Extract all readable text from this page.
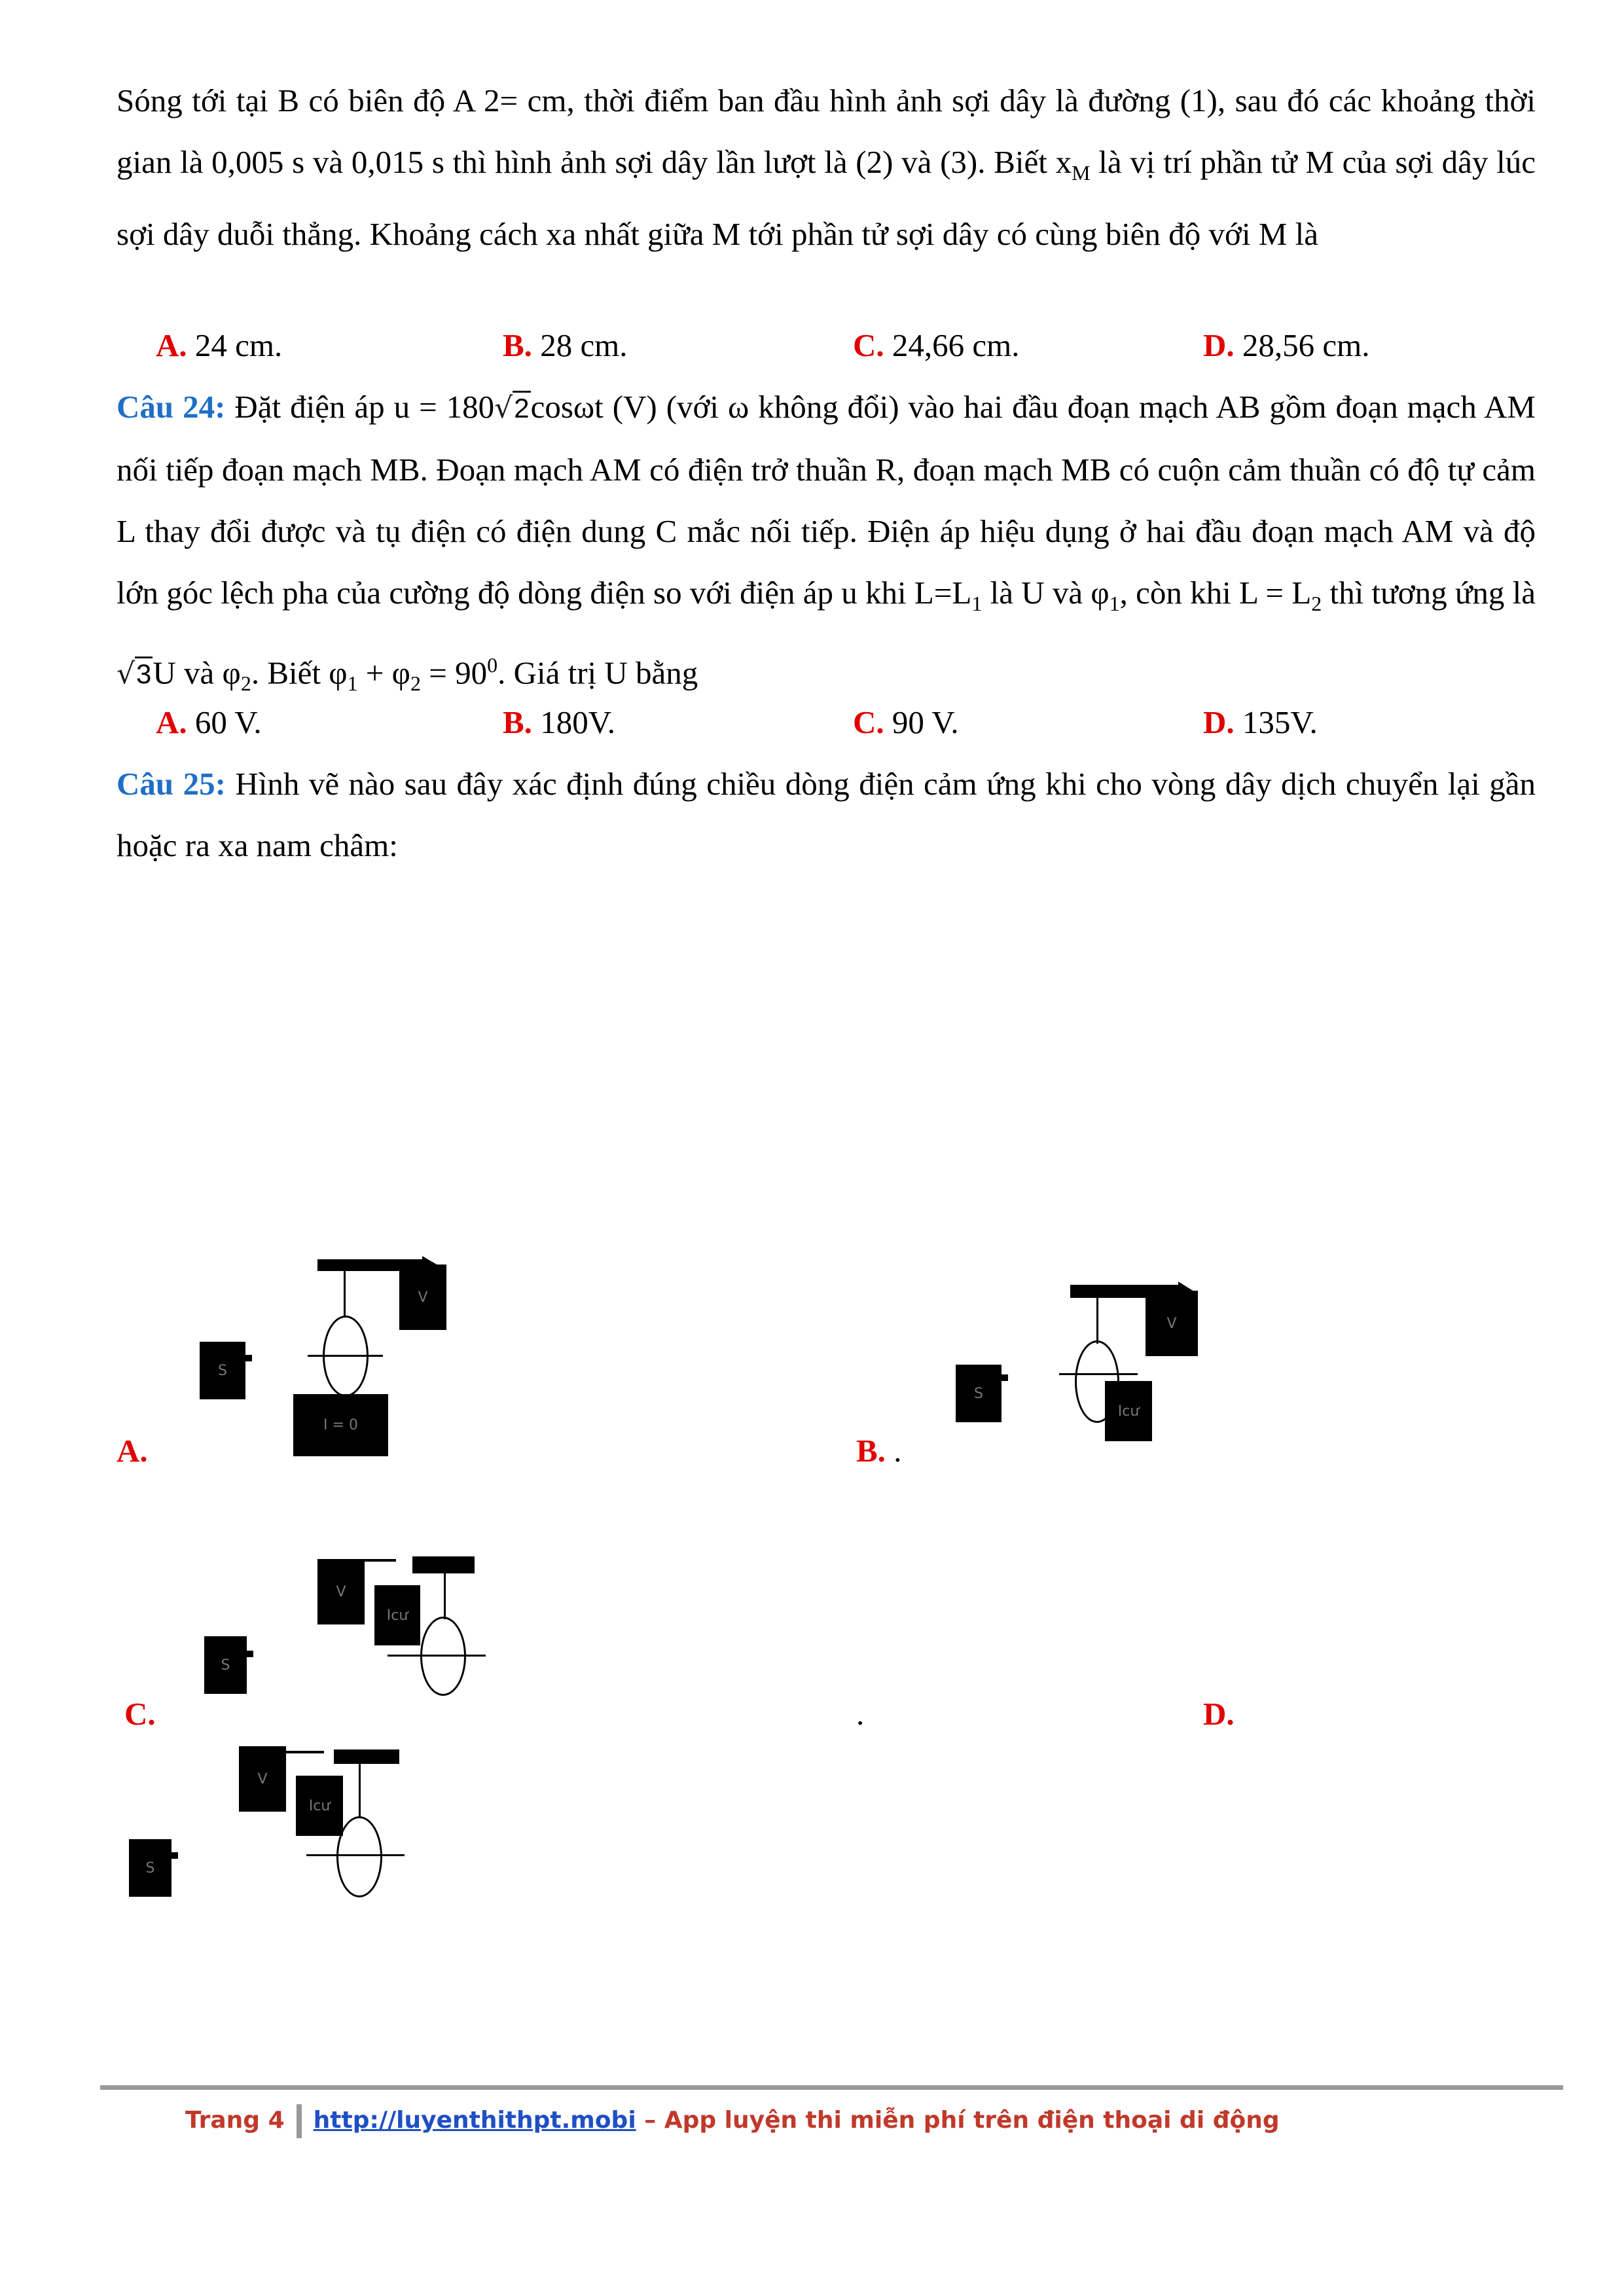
Sóng tới tại B có biên độ A 2= cm, thời điểm ban đầu hình ảnh sợi dây là đường (1), sau đó các khoảng thời gian là 0,005 s và 0,015 s thì hình ảnh sợi dây lần lượt là (2) và (3). Biết $x_M$ là vị trí phần tử M của sợi dây lúc sợi dây duỗi thẳng. Khoảng cách xa nhất giữa M tới phần tử sợi dây có cùng biên độ với M là
A. 24 cm.	B. 28 cm.	C. 24,66 cm.	D. 28,56 cm.
Câu 24: Đặt điện áp u = 180√2cosωt (V) (với ω không đổi) vào hai đầu đoạn mạch AB gồm đoạn mạch AM nối tiếp đoạn mạch MB. Đoạn mạch AM có điện trở thuần R, đoạn mạch MB có cuộn cảm thuần có độ tự cảm L thay đổi được và tụ điện có điện dung C mắc nối tiếp. Điện áp hiệu dụng ở hai đầu đoạn mạch AM và độ lớn góc lệch pha của cường độ dòng điện so với điện áp u khi $L=L_1$ là U và $\varphi_1$, còn khi $L = L_2$ thì tương ứng là √3U và $\varphi_2$. Biết $\varphi_1 + \varphi_2 = 90^0$. Giá trị U bằng
A. 60 V.	B. 180V.	C. 90 V.	D. 135V.
Câu 25: Hình vẽ nào sau đây xác định đúng chiều dòng điện cảm ứng khi cho vòng dây dịch chuyển lại gần hoặc ra xa nam châm:
A.	B. .
C.	.	D.
S
V
I = 0
S
V
Icư
S
V
Icư
S
V
Icư
Trang 4 http://luyenthithpt.mobi – App luyện thi miễn phí trên điện thoại di động
